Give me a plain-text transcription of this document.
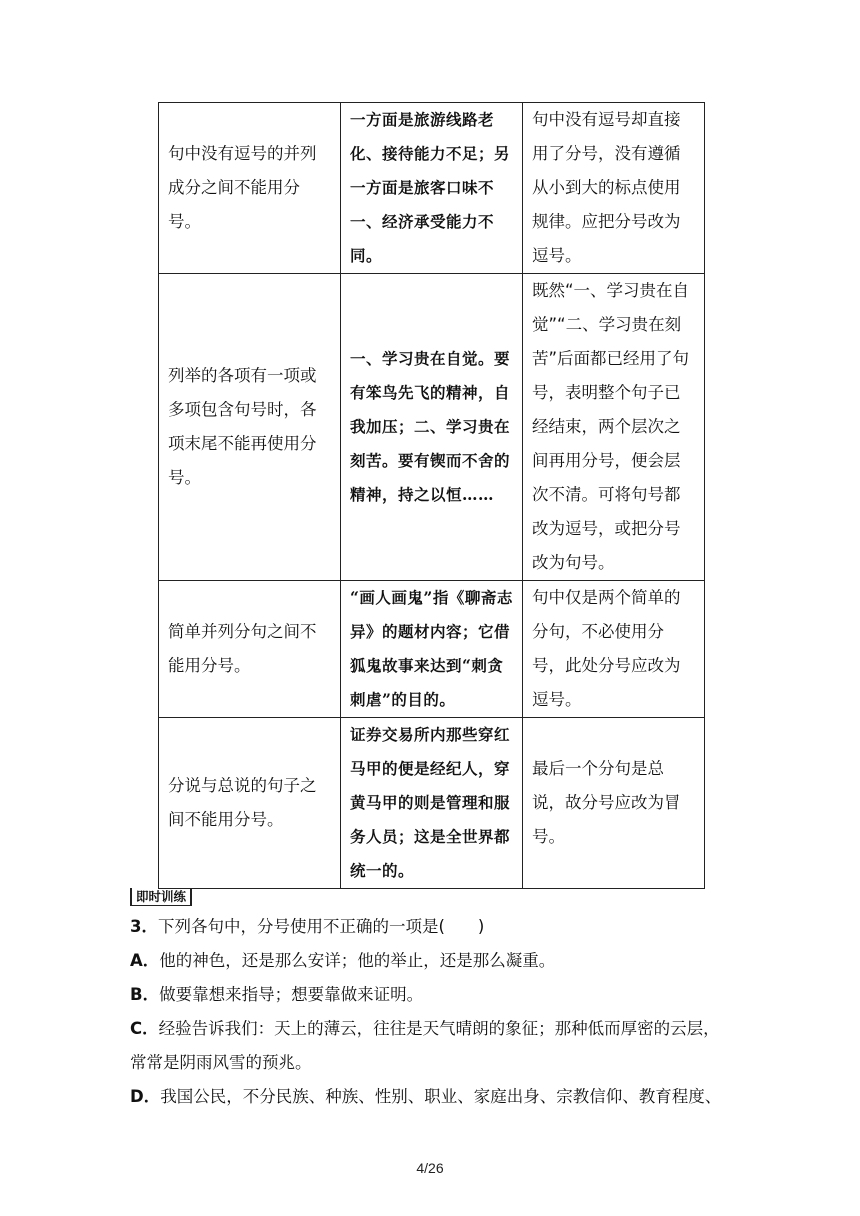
句中没有逗号的并列成分之间不能用分号。	一方面是旅游线路老化、接待能力不足；另一方面是旅客口味不一、经济承受能力不同。	句中没有逗号却直接用了分号，没有遵循从小到大的标点使用规律。应把分号改为逗号。
列举的各项有一项或多项包含句号时，各项末尾不能再使用分号。	一、学习贵在自觉。要有笨鸟先飞的精神，自我加压；二、学习贵在刻苦。要有锲而不舍的精神，持之以恒……	既然“一、学习贵在自觉”“二、学习贵在刻苦”后面都已经用了句号，表明整个句子已经结束，两个层次之间再用分号，便会层次不清。可将句号都改为逗号，或把分号改为句号。
简单并列分句之间不能用分号。	“画人画鬼”指《聊斋志异》的题材内容；它借狐鬼故事来达到“刺贪刺虐”的目的。	句中仅是两个简单的分句，不必使用分号，此处分号应改为逗号。
分说与总说的句子之间不能用分号。	证券交易所内那些穿红马甲的便是经纪人，穿黄马甲的则是管理和服务人员；这是全世界都统一的。	最后一个分句是总说，故分号应改为冒号。
即时训练
3．下列各句中，分号使用不正确的一项是(　　)
A．他的神色，还是那么安详；他的举止，还是那么凝重。
B．做要靠想来指导；想要靠做来证明。
C．经验告诉我们：天上的薄云，往往是天气晴朗的象征；那种低而厚密的云层，常常是阴雨风雪的预兆。
D．我国公民，不分民族、种族、性别、职业、家庭出身、宗教信仰、教育程度、
4/26
